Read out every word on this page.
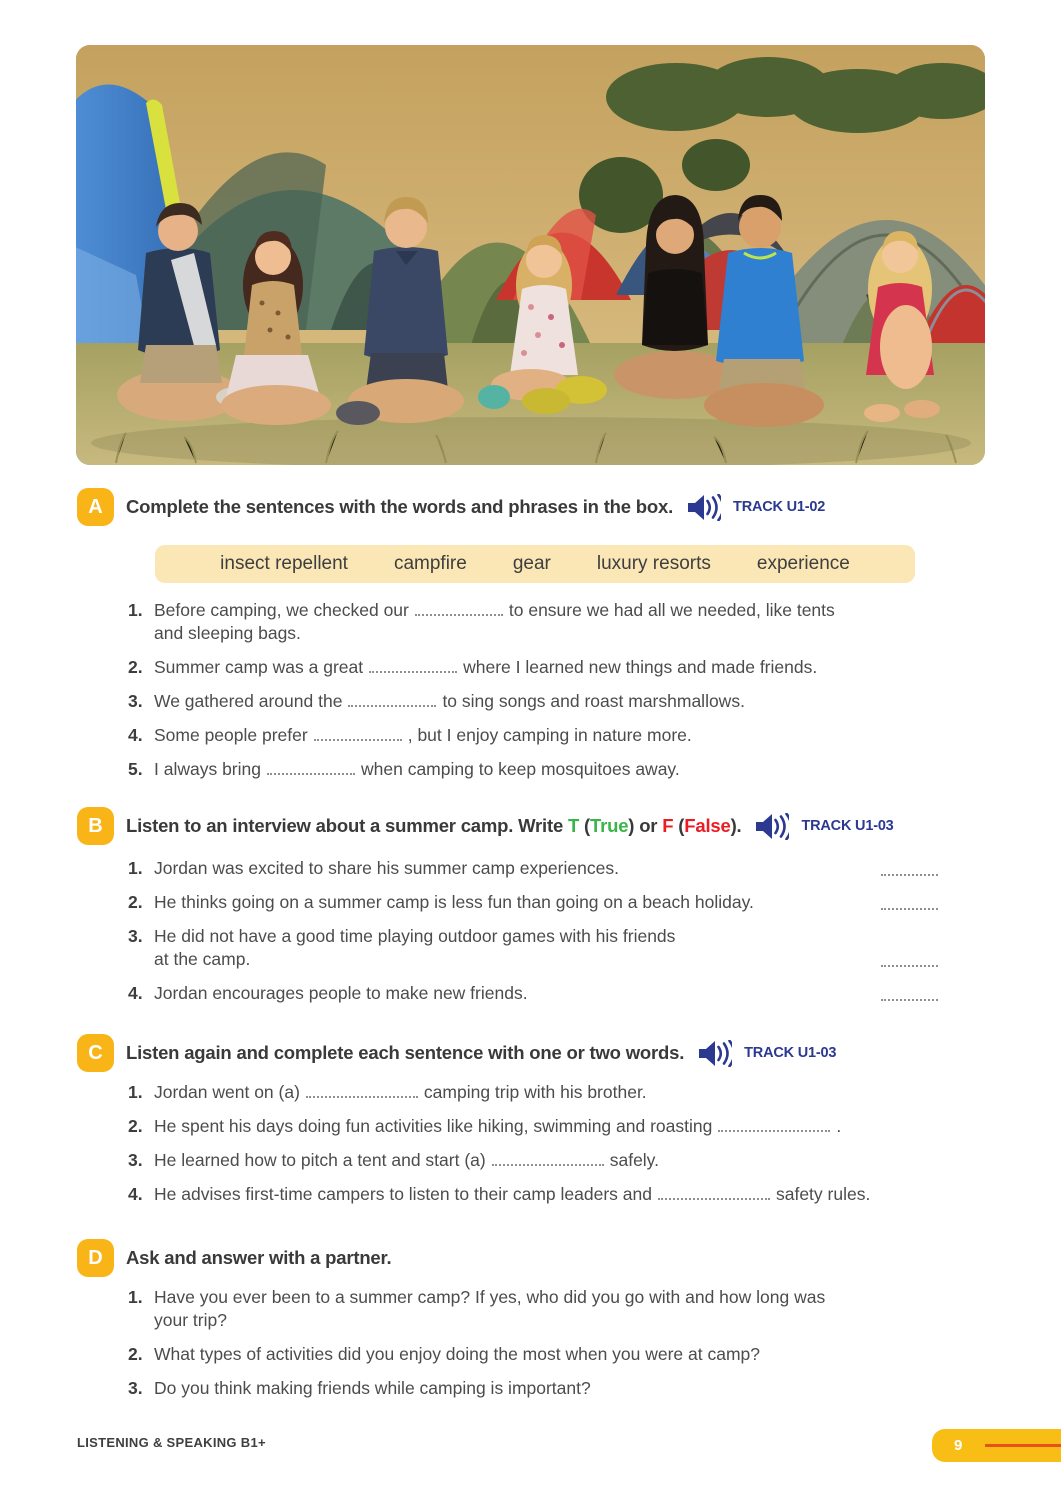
A	Complete the sentences with the words and phrases in the box.	TRACK U1-02
insect repellent campfire gear luxury resorts experience
1. Before camping, we checked our	to ensure we had all we needed, like tents
and sleeping bags.
2. Summer camp was a great	where I learned new things and made friends.
3. We gathered around the	to sing songs and roast marshmallows.
4. Some people prefer	, but I enjoy camping in nature more.
5. I always bring	when camping to keep mosquitoes away.
B	Listen to an interview about a summer camp. Write T (True) or F (False).	TRACK U1-03
1. Jordan was excited to share his summer camp experiences.
2. He thinks going on a summer camp is less fun than going on a beach holiday.
3. He did not have a good time playing outdoor games with his friends
at the camp.
4. Jordan encourages people to make new friends.
C	Listen again and complete each sentence with one or two words.	TRACK U1-03
1. Jordan went on (a)	camping trip with his brother.
2. He spent his days doing fun activities like hiking, swimming and roasting	.
3. He learned how to pitch a tent and start (a)	safely.
4. He advises first-time campers to listen to their camp leaders and	safety rules.
D	Ask and answer with a partner.
1. Have you ever been to a summer camp? If yes, who did you go with and how long was
your trip?
2. What types of activities did you enjoy doing the most when you were at camp?
3. Do you think making friends while camping is important?
LISTENING & SPEAKING B1+	9
